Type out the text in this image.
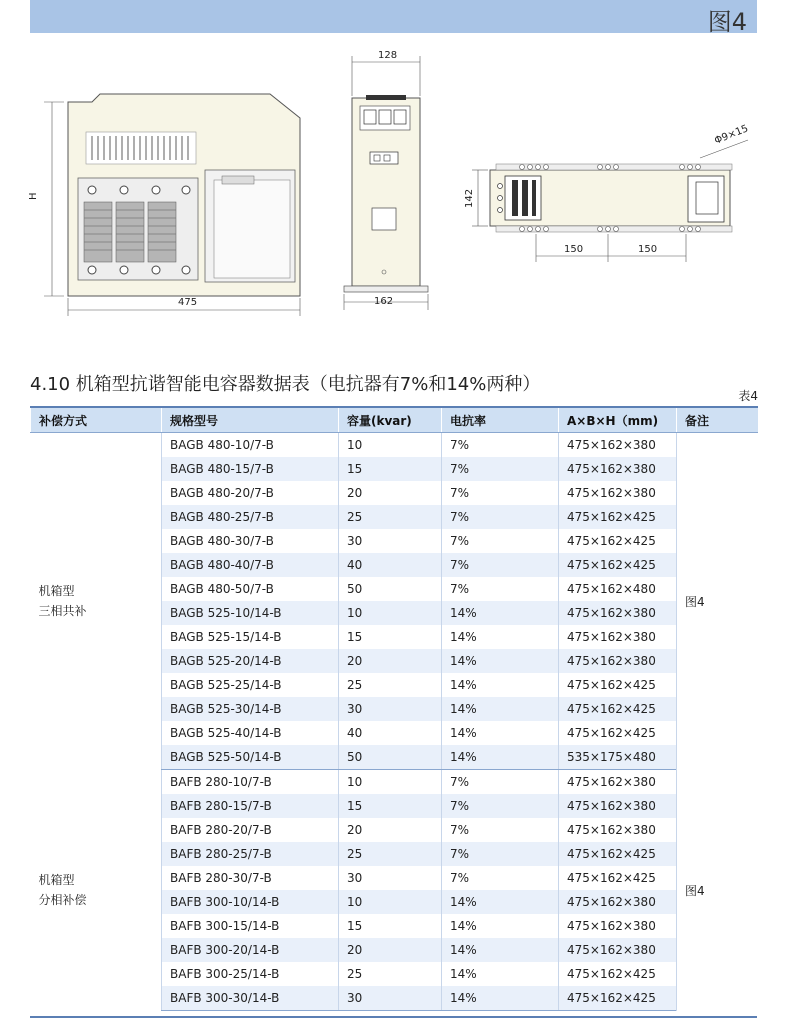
图4
H
475
128
162
Φ9×15
142
150	150
4.10 机箱型抗谐智能电容器数据表（电抗器有7%和14%两种）
表4
补偿方式	规格型号	容量(kvar)	电抗率	A×B×H（mm)	备注

机箱型
三相共补	BAGB 480-10/7-B	10	7%	475×162×380	图4
	BAGB 480-15/7-B	15	7%	475×162×380	
	BAGB 480-20/7-B	20	7%	475×162×380	
	BAGB 480-25/7-B	25	7%	475×162×425	
	BAGB 480-30/7-B	30	7%	475×162×425	
	BAGB 480-40/7-B	40	7%	475×162×425	
	BAGB 480-50/7-B	50	7%	475×162×480	
	BAGB 525-10/14-B	10	14%	475×162×380	
	BAGB 525-15/14-B	15	14%	475×162×380	
	BAGB 525-20/14-B	20	14%	475×162×380	
	BAGB 525-25/14-B	25	14%	475×162×425	
	BAGB 525-30/14-B	30	14%	475×162×425	
	BAGB 525-40/14-B	40	14%	475×162×425	
	BAGB 525-50/14-B	50	14%	535×175×480	

机箱型
分相补偿	BAFB 280-10/7-B	10	7%	475×162×380	图4
	BAFB 280-15/7-B	15	7%	475×162×380	
	BAFB 280-20/7-B	20	7%	475×162×380	
	BAFB 280-25/7-B	25	7%	475×162×425	
	BAFB 280-30/7-B	30	7%	475×162×425	
	BAFB 300-10/14-B	10	14%	475×162×380	
	BAFB 300-15/14-B	15	14%	475×162×380	
	BAFB 300-20/14-B	20	14%	475×162×380	
	BAFB 300-25/14-B	25	14%	475×162×425	
	BAFB 300-30/14-B	30	14%	475×162×425	
